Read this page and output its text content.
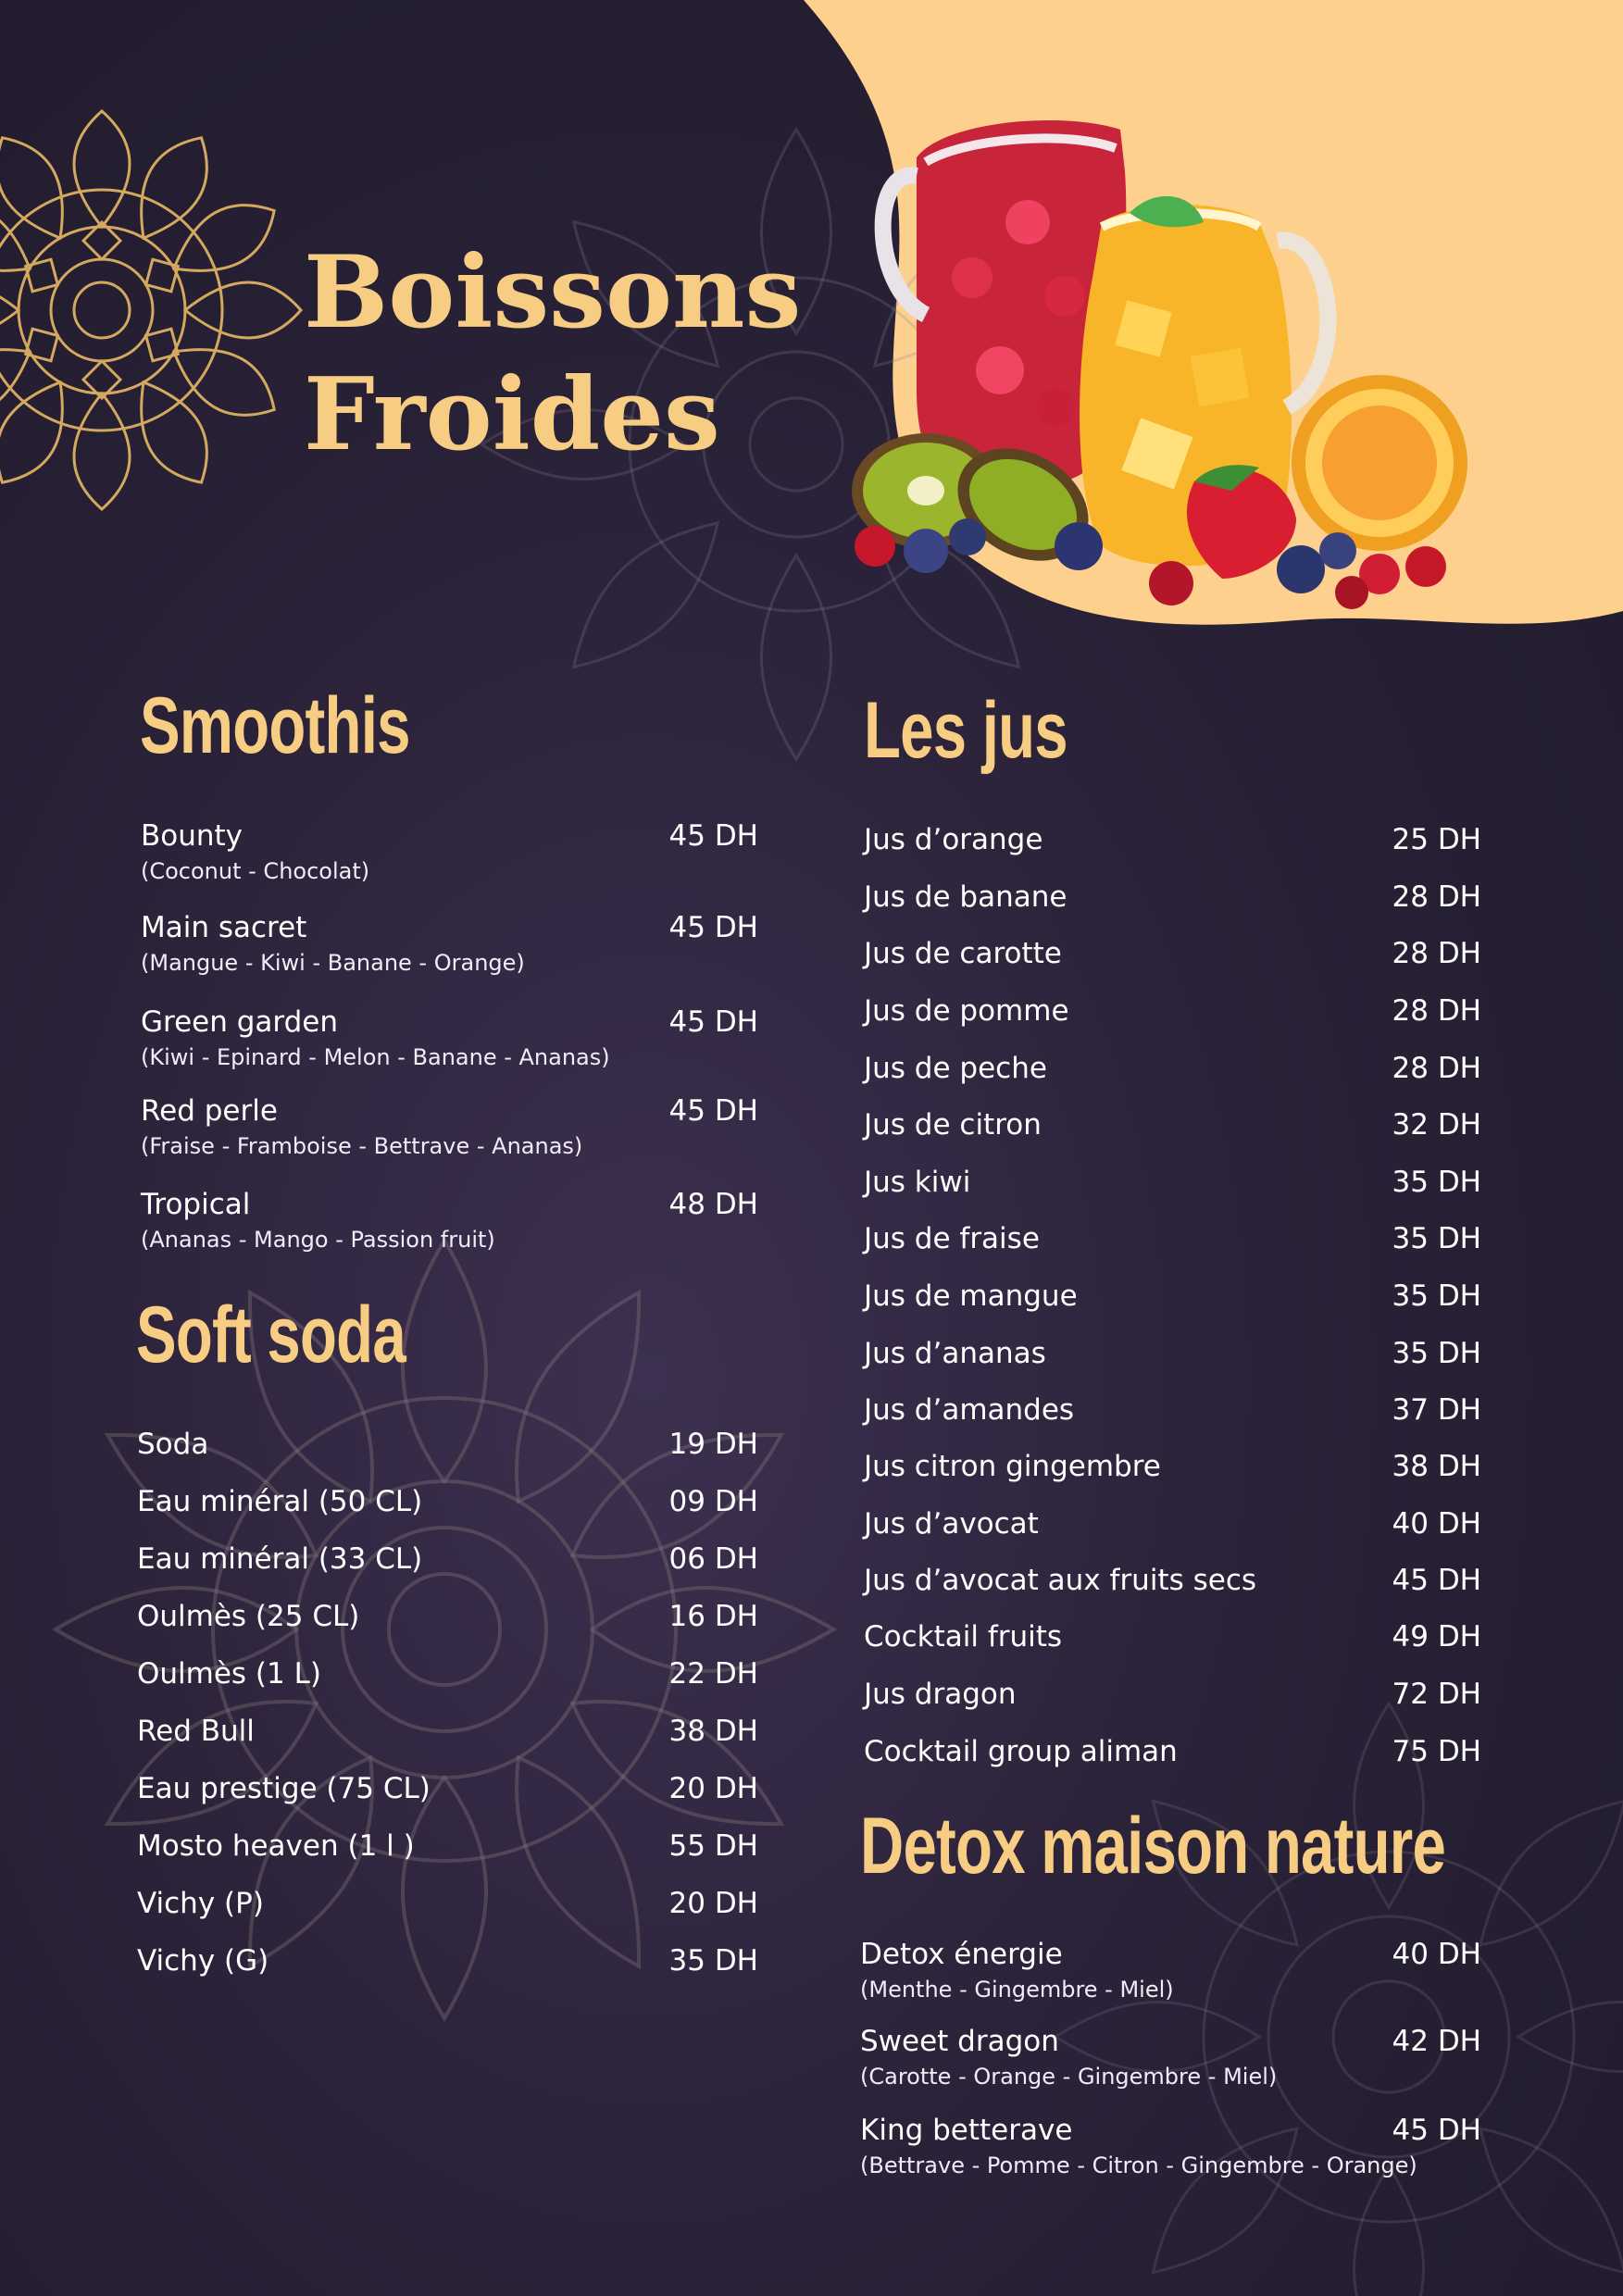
Boissons
Froides
Smoothis
Bounty	45 DH
(Coconut - Chocolat)
Main sacret	45 DH
(Mangue - Kiwi - Banane - Orange)
Green garden	45 DH
(Kiwi - Epinard - Melon - Banane - Ananas)
Red perle	45 DH
(Fraise - Framboise - Bettrave - Ananas)
Tropical	48 DH
(Ananas - Mango - Passion fruit)
Soft soda
Soda	19 DH
Eau minéral (50 CL)	09 DH
Eau minéral (33 CL)	06 DH
Oulmès (25 CL)	16 DH
Oulmès (1 L)	22 DH
Red Bull	38 DH
Eau prestige (75 CL)	20 DH
Mosto heaven (1 l )	55 DH
Vichy (P)	20 DH
Vichy (G)	35 DH
Les jus
Jus d’orange	25 DH
Jus de banane	28 DH
Jus de carotte	28 DH
Jus de pomme	28 DH
Jus de peche	28 DH
Jus de citron	32 DH
Jus kiwi	35 DH
Jus de fraise	35 DH
Jus de mangue	35 DH
Jus d’ananas	35 DH
Jus d’amandes	37 DH
Jus citron gingembre	38 DH
Jus d’avocat	40 DH
Jus d’avocat aux fruits secs	45 DH
Cocktail fruits	49 DH
Jus dragon	72 DH
Cocktail group aliman	75 DH
Detox maison nature
Detox énergie	40 DH
(Menthe - Gingembre - Miel)
Sweet dragon	42 DH
(Carotte - Orange - Gingembre - Miel)
King betterave	45 DH
(Bettrave - Pomme - Citron - Gingembre - Orange)
